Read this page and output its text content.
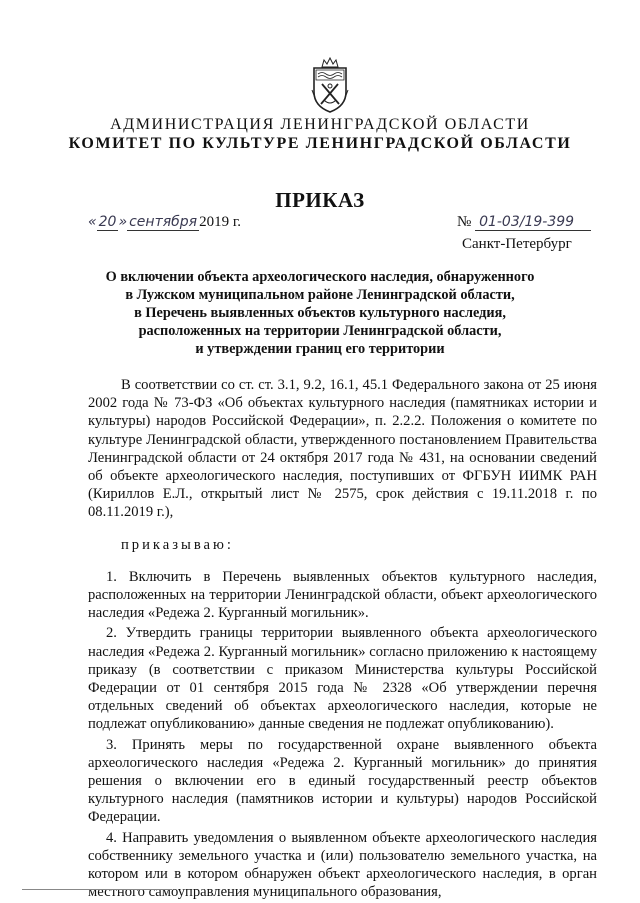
АДМИНИСТРАЦИЯ ЛЕНИНГРАДСКОЙ ОБЛАСТИ
КОМИТЕТ ПО КУЛЬТУРЕ ЛЕНИНГРАДСКОЙ ОБЛАСТИ
ПРИКАЗ
« 20 » сентября 2019 г.	№ 01-03/19-399
Санкт-Петербург
О включении объекта археологического наследия, обнаруженного
в Лужском муниципальном районе Ленинградской области,
в Перечень выявленных объектов культурного наследия,
расположенных на территории Ленинградской области,
и утверждении границ его территории

В соответствии со ст. ст. 3.1, 9.2, 16.1, 45.1 Федерального закона от 25 июня 2002 года № 73-ФЗ «Об объектах культурного наследия (памятниках истории и культуры) народов Российской Федерации», п. 2.2.2. Положения о комитете по культуре Ленинградской области, утвержденного постановлением Правительства Ленинградской области от 24 октября 2017 года № 431, на основании сведений об объекте археологического наследия, поступивших от ФГБУН ИИМК РАН (Кириллов Е.Л., открытый лист № 2575, срок действия с 19.11.2018 г. по 08.11.2019 г.),

приказываю:

1. Включить в Перечень выявленных объектов культурного наследия, расположенных на территории Ленинградской области, объект археологического наследия «Редежа 2. Курганный могильник».

2. Утвердить границы территории выявленного объекта археологического наследия «Редежа 2. Курганный могильник» согласно приложению к настоящему приказу (в соответствии с приказом Министерства культуры Российской Федерации от 01 сентября 2015 года № 2328 «Об утверждении перечня отдельных сведений об объектах археологического наследия, которые не подлежат опубликованию» данные сведения не подлежат опубликованию).

3. Принять меры по государственной охране выявленного объекта археологического наследия «Редежа 2. Курганный могильник» до принятия решения о включении его в единый государственный реестр объектов культурного наследия (памятников истории и культуры) народов Российской Федерации.

4. Направить уведомления о выявленном объекте археологического наследия собственнику земельного участка и (или) пользователю земельного участка, на котором или в котором обнаружен объект археологического наследия, в орган местного самоуправления муниципального образования,
